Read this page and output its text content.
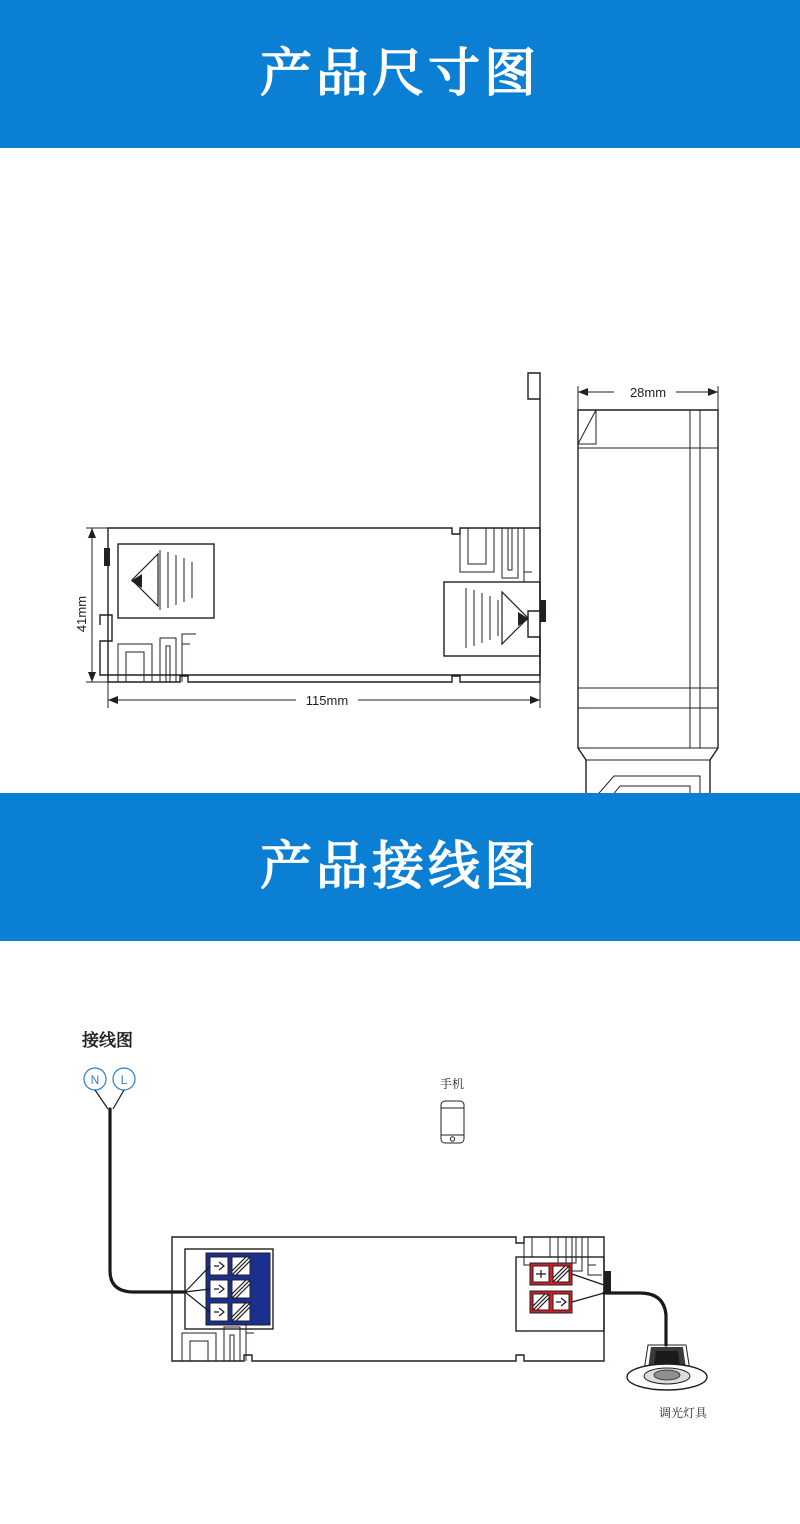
产品尺寸图
41mm
115mm
28mm
产品接线图
接线图
N L	手机
调光灯具
